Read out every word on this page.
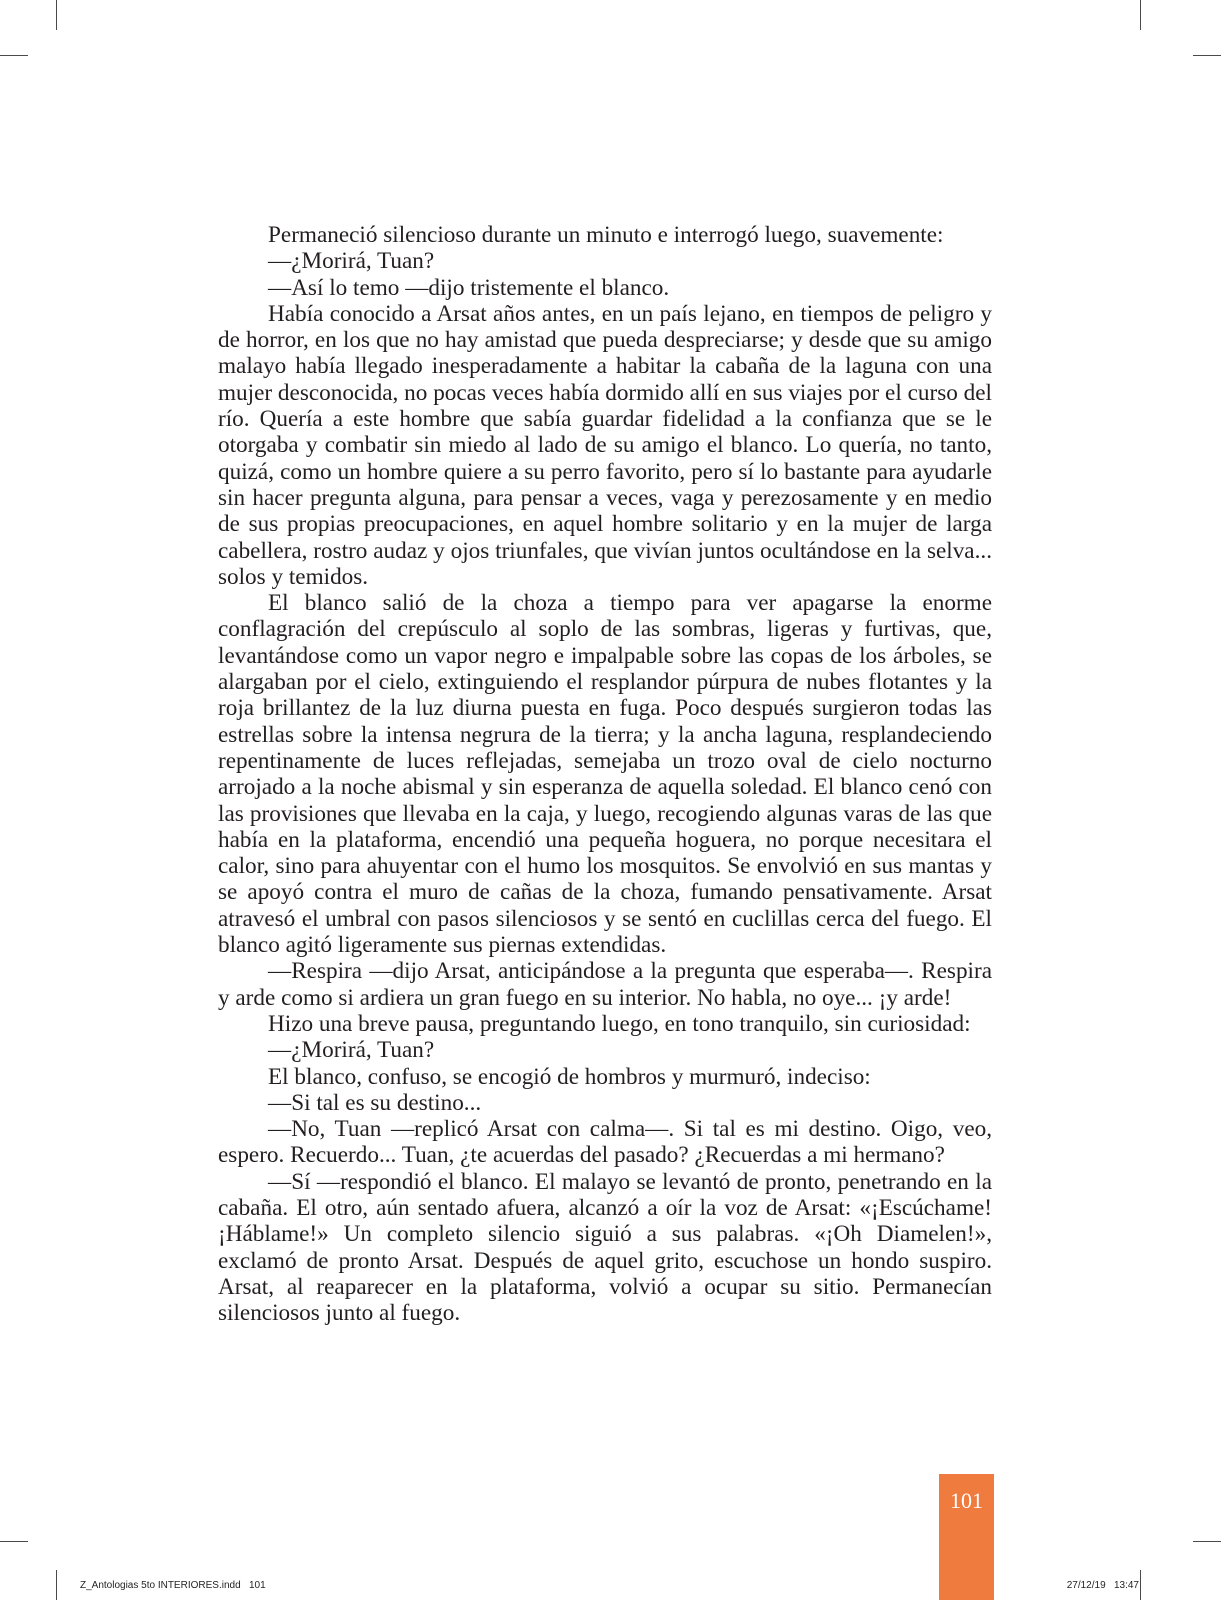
Permaneció silencioso durante un minuto e interrogó luego, suavemente:

—¿Morirá, Tuan?

—Así lo temo —dijo tristemente el blanco.

Había conocido a Arsat años antes, en un país lejano, en tiempos de peligro y de horror, en los que no hay amistad que pueda despreciarse; y desde que su amigo malayo había llegado inesperadamente a habitar la cabaña de la laguna con una mujer desconocida, no pocas veces había dormido allí en sus viajes por el curso del río. Quería a este hombre que sabía guardar fidelidad a la confianza que se le otorgaba y combatir sin miedo al lado de su amigo el blanco. Lo quería, no tanto, quizá, como un hombre quiere a su perro favorito, pero sí lo bastante para ayudarle sin hacer pregunta alguna, para pensar a veces, vaga y perezosamente y en medio de sus propias preocupaciones, en aquel hombre solitario y en la mujer de larga cabellera, rostro audaz y ojos triunfales, que vivían juntos ocultándose en la selva... solos y temidos.

El blanco salió de la choza a tiempo para ver apagarse la enorme conflagración del crepúsculo al soplo de las sombras, ligeras y furtivas, que, levantándose como un vapor negro e impalpable sobre las copas de los árboles, se alargaban por el cielo, extinguiendo el resplandor púrpura de nubes flotantes y la roja brillantez de la luz diurna puesta en fuga. Poco después surgieron todas las estrellas sobre la intensa negrura de la tierra; y la ancha laguna, resplandeciendo repentinamente de luces reflejadas, semejaba un trozo oval de cielo nocturno arrojado a la noche abismal y sin esperanza de aquella soledad. El blanco cenó con las provisiones que llevaba en la caja, y luego, recogiendo algunas varas de las que había en la plataforma, encendió una pequeña hoguera, no porque necesitara el calor, sino para ahuyentar con el humo los mosquitos. Se envolvió en sus mantas y se apoyó contra el muro de cañas de la choza, fumando pensativamente. Arsat atravesó el umbral con pasos silenciosos y se sentó en cuclillas cerca del fuego. El blanco agitó ligeramente sus piernas extendidas.

—Respira —dijo Arsat, anticipándose a la pregunta que esperaba—. Respira y arde como si ardiera un gran fuego en su interior. No habla, no oye... ¡y arde!

Hizo una breve pausa, preguntando luego, en tono tranquilo, sin curiosidad:

—¿Morirá, Tuan?

El blanco, confuso, se encogió de hombros y murmuró, indeciso:

—Si tal es su destino...

—No, Tuan —replicó Arsat con calma—. Si tal es mi destino. Oigo, veo, espero. Recuerdo... Tuan, ¿te acuerdas del pasado? ¿Recuerdas a mi hermano?

—Sí —respondió el blanco. El malayo se levantó de pronto, penetrando en la cabaña. El otro, aún sentado afuera, alcanzó a oír la voz de Arsat: «¡Escúchame! ¡Háblame!» Un completo silencio siguió a sus palabras. «¡Oh Diamelen!», exclamó de pronto Arsat. Después de aquel grito, escuchose un hondo suspiro. Arsat, al reaparecer en la plataforma, volvió a ocupar su sitio. Permanecían silenciosos junto al fuego.

101
Z_Antologias 5to INTERIORES.indd   101	27/12/19   13:47
